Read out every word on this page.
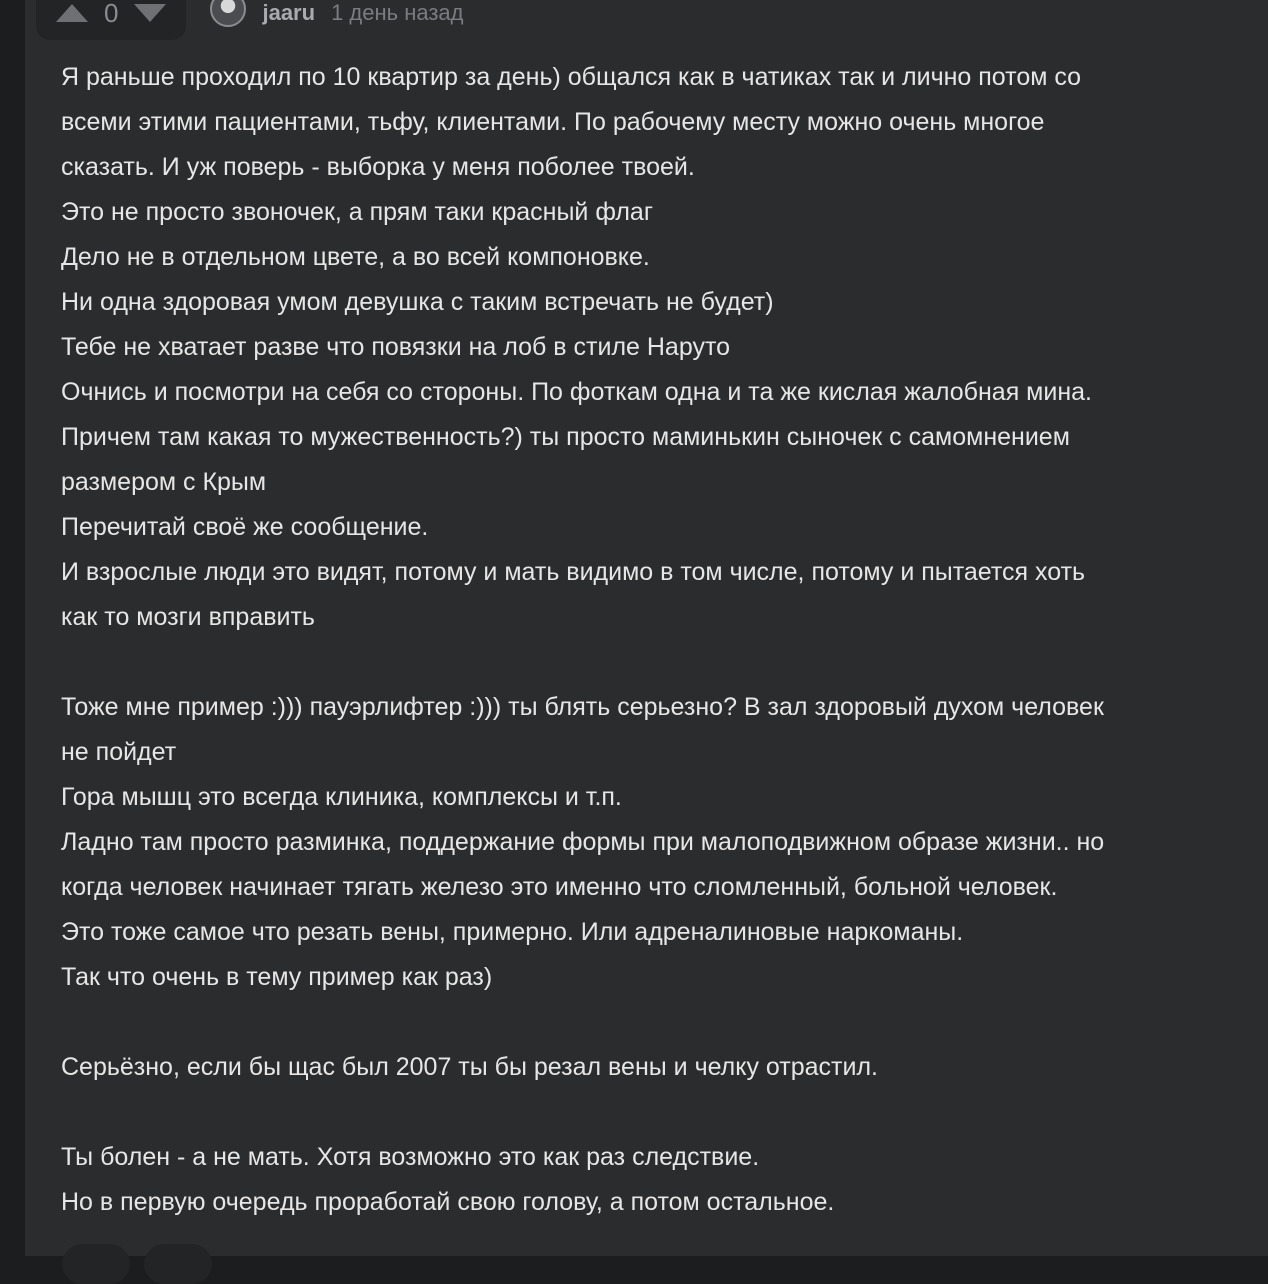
0	jaaru 1 день назад
Я раньше проходил по 10 квартир за день) общался как в чатиках так и лично потом со
всеми этими пациентами, тьфу, клиентами. По рабочему месту можно очень многое
сказать. И уж поверь - выборка у меня поболее твоей.
Это не просто звоночек, а прям таки красный флаг
Дело не в отдельном цвете, а во всей компоновке.
Ни одна здоровая умом девушка с таким встречать не будет)
Тебе не хватает разве что повязки на лоб в стиле Наруто
Очнись и посмотри на себя со стороны. По фоткам одна и та же кислая жалобная мина.
Причем там какая то мужественность?) ты просто маминькин сыночек с самомнением
размером с Крым
Перечитай своё же сообщение.
И взрослые люди это видят, потому и мать видимо в том числе, потому и пытается хоть
как то мозги вправить
Тоже мне пример :))) пауэрлифтер :))) ты блять серьезно? В зал здоровый духом человек
не пойдет
Гора мышц это всегда клиника, комплексы и т.п.
Ладно там просто разминка, поддержание формы при малоподвижном образе жизни.. но
когда человек начинает тягать железо это именно что сломленный, больной человек.
Это тоже самое что резать вены, примерно. Или адреналиновые наркоманы.
Так что очень в тему пример как раз)
Серьёзно, если бы щас был 2007 ты бы резал вены и челку отрастил.
Ты болен - а не мать. Хотя возможно это как раз следствие.
Но в первую очередь проработай свою голову, а потом остальное.
